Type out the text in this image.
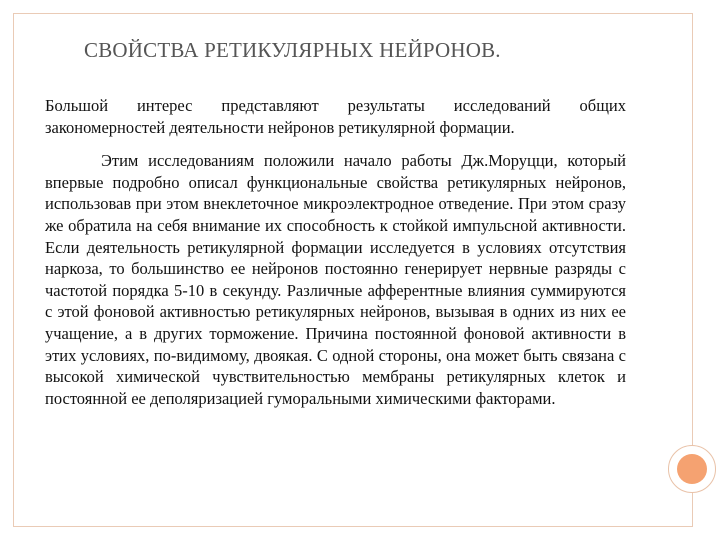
СВОЙСТВА РЕТИКУЛЯРНЫХ НЕЙРОНОВ.

Большой интерес представляют результаты исследований общих закономерностей деятельности нейронов ретикулярной формации.

Этим исследованиям положили начало работы Дж.Моруцци, который впервые подробно описал функциональные свойства ретикулярных нейронов, использовав при этом внеклеточное микроэлектродное отведение. При этом сразу же обратила на себя внимание их способность к стойкой импульсной активности. Если деятельность ретикулярной формации исследуется в условиях отсутствия наркоза, то большинство ее нейронов постоянно генерирует нервные разряды с частотой порядка 5-10 в секунду. Различные афферентные влияния суммируются с этой фоновой активностью ретикулярных нейронов, вызывая в одних из них ее учащение, а в других торможение. Причина постоянной фоновой активности в этих условиях, по-видимому, двоякая. С одной стороны, она может быть связана с высокой химической чувствительностью мембраны ретикулярных клеток и постоянной ее деполяризацией гуморальными химическими факторами.
